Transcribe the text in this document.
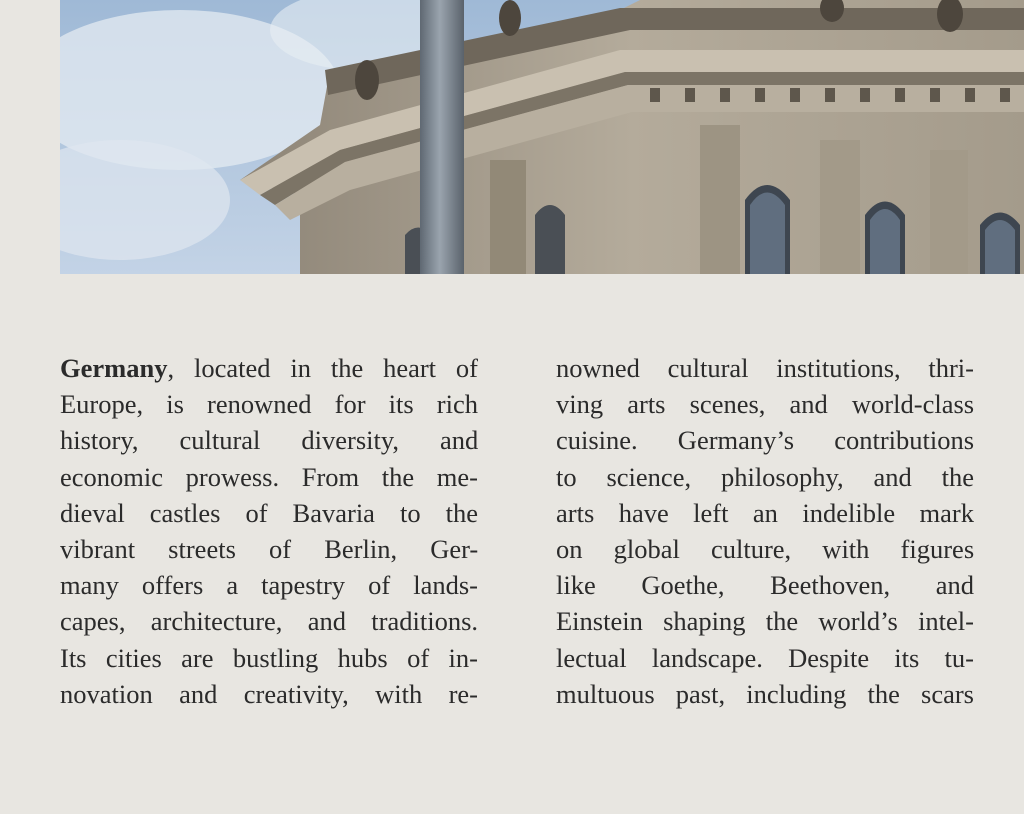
Germany, located in the heart of
Europe, is renowned for its rich
history, cultural diversity, and
economic prowess. From the me-
dieval castles of Bavaria to the
vibrant streets of Berlin, Ger-
many offers a tapestry of lands-
capes, architecture, and traditions.
Its cities are bustling hubs of in-
novation and creativity, with re-
nowned cultural institutions, thri-
ving arts scenes, and world-class
cuisine. Germany’s contributions
to science, philosophy, and the
arts have left an indelible mark
on global culture, with figures
like Goethe, Beethoven, and
Einstein shaping the world’s intel-
lectual landscape. Despite its tu-
multuous past, including the scars
